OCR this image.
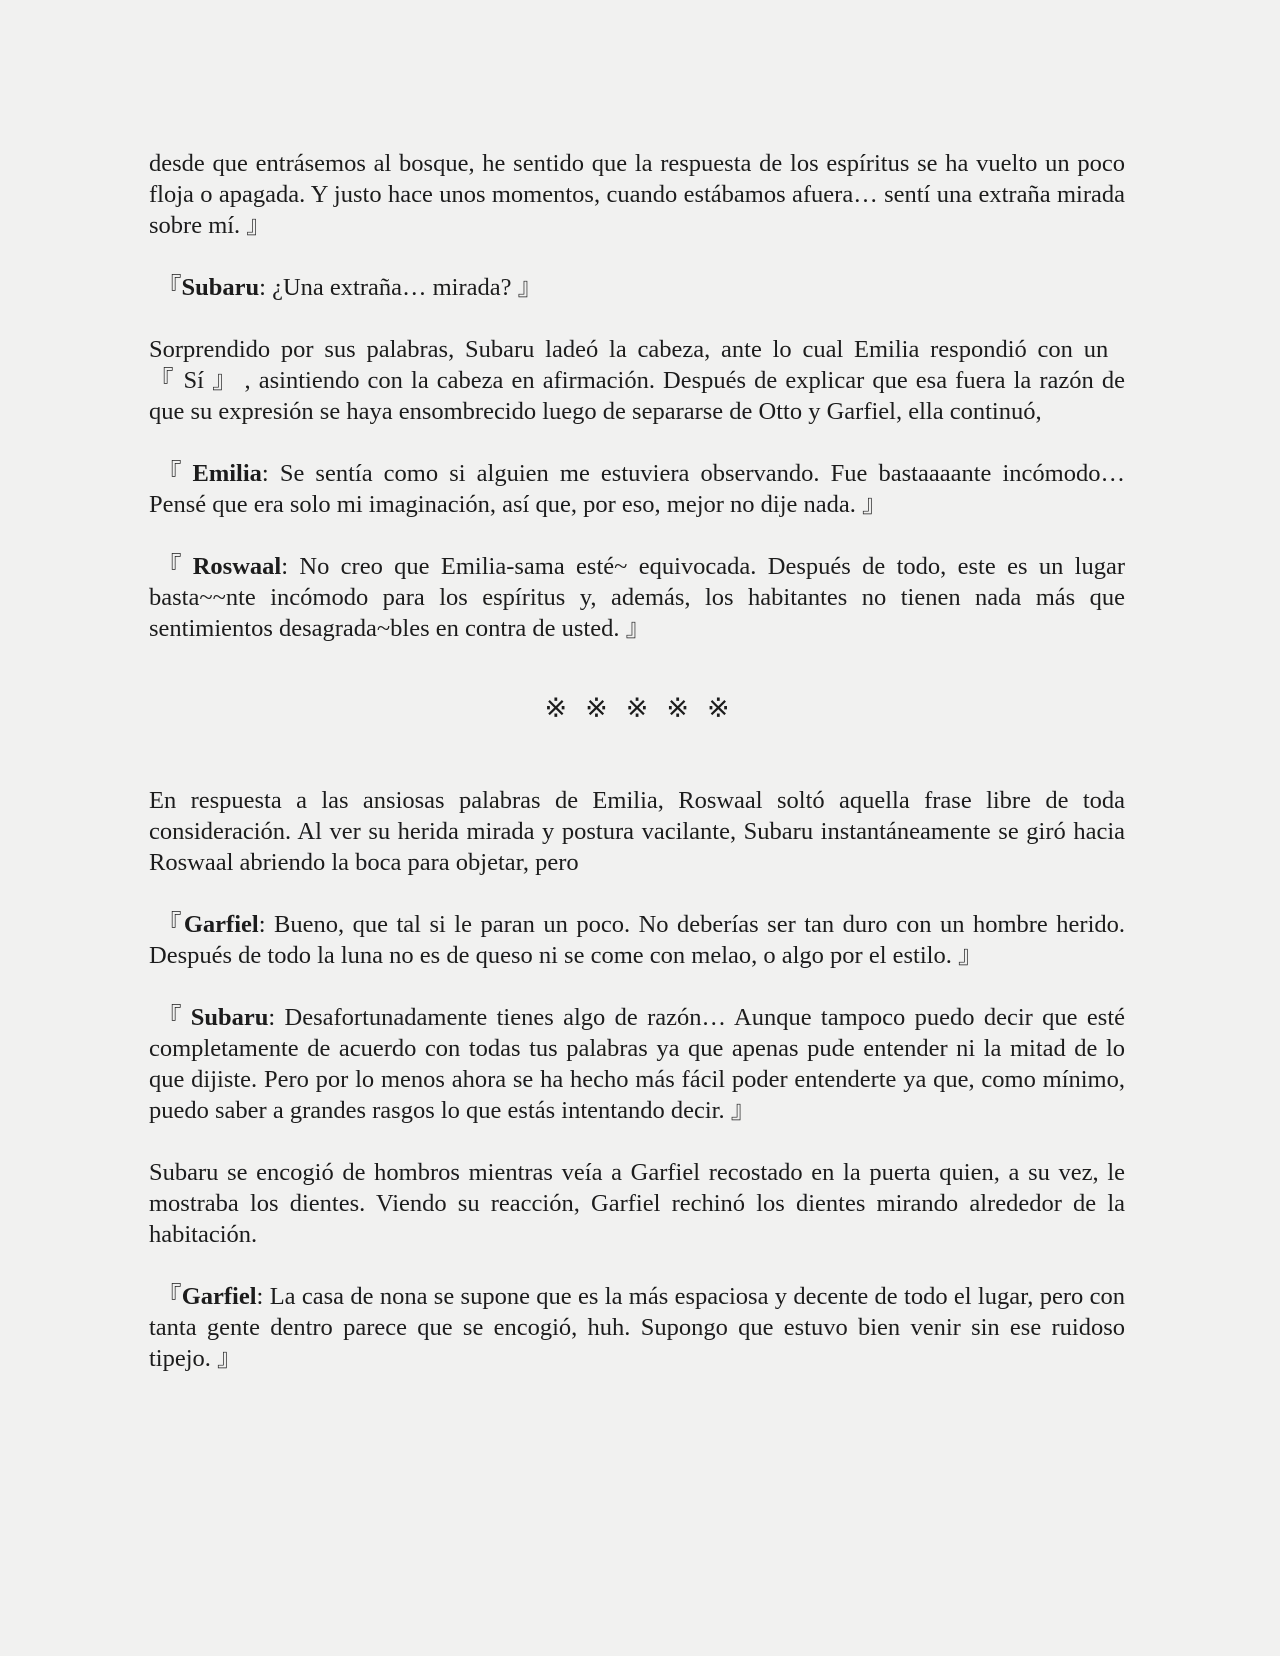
desde que entrásemos al bosque, he sentido que la respuesta de los espíritus se ha vuelto un poco floja o apagada. Y justo hace unos momentos, cuando estábamos afuera… sentí una extraña mirada sobre mí. 』

『Subaru: ¿Una extraña… mirada? 』

Sorprendido por sus palabras, Subaru ladeó la cabeza, ante lo cual Emilia respondió con un 『 Sí 』 , asintiendo con la cabeza en afirmación. Después de explicar que esa fuera la razón de que su expresión se haya ensombrecido luego de separarse de Otto y Garfiel, ella continuó,

『 Emilia: Se sentía como si alguien me estuviera observando. Fue bastaaaante incómodo… Pensé que era solo mi imaginación, así que, por eso, mejor no dije nada. 』

『 Roswaal: No creo que Emilia-sama esté~ equivocada. Después de todo, este es un lugar basta~~nte incómodo para los espíritus y, además, los habitantes no tienen nada más que sentimientos desagrada~bles en contra de usted. 』

※ ※ ※ ※ ※

En respuesta a las ansiosas palabras de Emilia, Roswaal soltó aquella frase libre de toda consideración. Al ver su herida mirada y postura vacilante, Subaru instantáneamente se giró hacia Roswaal abriendo la boca para objetar, pero

『Garfiel: Bueno, que tal si le paran un poco. No deberías ser tan duro con un hombre herido. Después de todo la luna no es de queso ni se come con melao, o algo por el estilo. 』

『 Subaru: Desafortunadamente tienes algo de razón… Aunque tampoco puedo decir que esté completamente de acuerdo con todas tus palabras ya que apenas pude entender ni la mitad de lo que dijiste. Pero por lo menos ahora se ha hecho más fácil poder entenderte ya que, como mínimo, puedo saber a grandes rasgos lo que estás intentando decir. 』

Subaru se encogió de hombros mientras veía a Garfiel recostado en la puerta quien, a su vez, le mostraba los dientes. Viendo su reacción, Garfiel rechinó los dientes mirando alrededor de la habitación.

『Garfiel: La casa de nona se supone que es la más espaciosa y decente de todo el lugar, pero con tanta gente dentro parece que se encogió, huh. Supongo que estuvo bien venir sin ese ruidoso tipejo. 』
